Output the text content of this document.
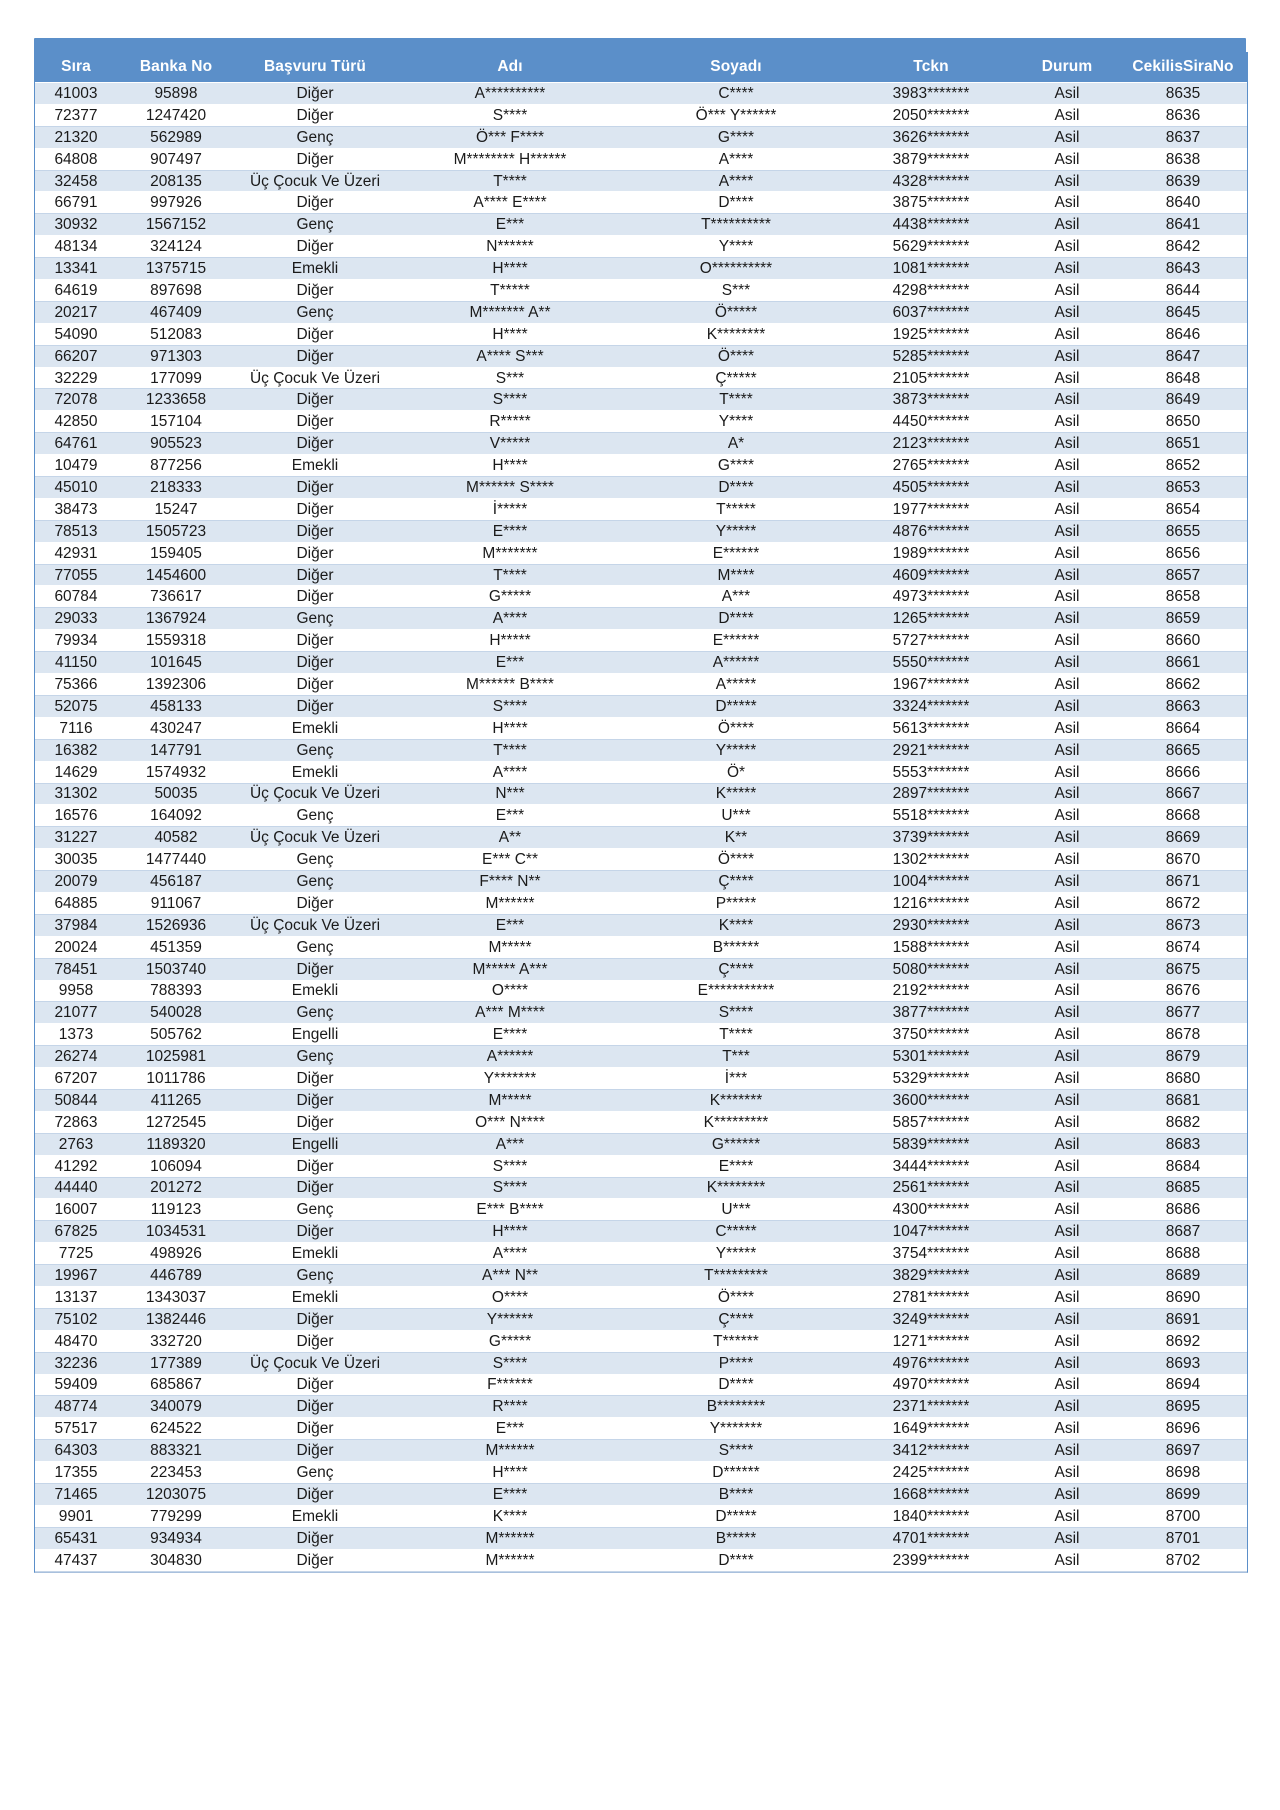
Sıra	Banka No	Başvuru Türü	Adı	Soyadı	Tckn	Durum	CekilisSiraNo
41003	95898	Diğer	A**********	C****	3983*******	Asil	8635
72377	1247420	Diğer	S****	Ö*** Y******	2050*******	Asil	8636
21320	562989	Genç	Ö*** F****	G****	3626*******	Asil	8637
64808	907497	Diğer	M******** H******	A****	3879*******	Asil	8638
32458	208135	Üç Çocuk Ve Üzeri	T****	A****	4328*******	Asil	8639
66791	997926	Diğer	A**** E****	D****	3875*******	Asil	8640
30932	1567152	Genç	E***	T**********	4438*******	Asil	8641
48134	324124	Diğer	N******	Y****	5629*******	Asil	8642
13341	1375715	Emekli	H****	O**********	1081*******	Asil	8643
64619	897698	Diğer	T*****	S***	4298*******	Asil	8644
20217	467409	Genç	M******* A**	Ö*****	6037*******	Asil	8645
54090	512083	Diğer	H****	K********	1925*******	Asil	8646
66207	971303	Diğer	A**** S***	Ö****	5285*******	Asil	8647
32229	177099	Üç Çocuk Ve Üzeri	S***	Ç*****	2105*******	Asil	8648
72078	1233658	Diğer	S****	T****	3873*******	Asil	8649
42850	157104	Diğer	R*****	Y****	4450*******	Asil	8650
64761	905523	Diğer	V*****	A*	2123*******	Asil	8651
10479	877256	Emekli	H****	G****	2765*******	Asil	8652
45010	218333	Diğer	M****** S****	D****	4505*******	Asil	8653
38473	15247	Diğer	İ*****	T*****	1977*******	Asil	8654
78513	1505723	Diğer	E****	Y*****	4876*******	Asil	8655
42931	159405	Diğer	M*******	E******	1989*******	Asil	8656
77055	1454600	Diğer	T****	M****	4609*******	Asil	8657
60784	736617	Diğer	G*****	A***	4973*******	Asil	8658
29033	1367924	Genç	A****	D****	1265*******	Asil	8659
79934	1559318	Diğer	H*****	E******	5727*******	Asil	8660
41150	101645	Diğer	E***	A******	5550*******	Asil	8661
75366	1392306	Diğer	M****** B****	A*****	1967*******	Asil	8662
52075	458133	Diğer	S****	D*****	3324*******	Asil	8663
7116	430247	Emekli	H****	Ö****	5613*******	Asil	8664
16382	147791	Genç	T****	Y*****	2921*******	Asil	8665
14629	1574932	Emekli	A****	Ö*	5553*******	Asil	8666
31302	50035	Üç Çocuk Ve Üzeri	N***	K*****	2897*******	Asil	8667
16576	164092	Genç	E***	U***	5518*******	Asil	8668
31227	40582	Üç Çocuk Ve Üzeri	A**	K**	3739*******	Asil	8669
30035	1477440	Genç	E*** C**	Ö****	1302*******	Asil	8670
20079	456187	Genç	F**** N**	Ç****	1004*******	Asil	8671
64885	911067	Diğer	M******	P*****	1216*******	Asil	8672
37984	1526936	Üç Çocuk Ve Üzeri	E***	K****	2930*******	Asil	8673
20024	451359	Genç	M*****	B******	1588*******	Asil	8674
78451	1503740	Diğer	M***** A***	Ç****	5080*******	Asil	8675
9958	788393	Emekli	O****	E***********	2192*******	Asil	8676
21077	540028	Genç	A*** M****	S****	3877*******	Asil	8677
1373	505762	Engelli	E****	T****	3750*******	Asil	8678
26274	1025981	Genç	A******	T***	5301*******	Asil	8679
67207	1011786	Diğer	Y*******	İ***	5329*******	Asil	8680
50844	411265	Diğer	M*****	K*******	3600*******	Asil	8681
72863	1272545	Diğer	O*** N****	K*********	5857*******	Asil	8682
2763	1189320	Engelli	A***	G******	5839*******	Asil	8683
41292	106094	Diğer	S****	E****	3444*******	Asil	8684
44440	201272	Diğer	S****	K********	2561*******	Asil	8685
16007	119123	Genç	E*** B****	U***	4300*******	Asil	8686
67825	1034531	Diğer	H****	C*****	1047*******	Asil	8687
7725	498926	Emekli	A****	Y*****	3754*******	Asil	8688
19967	446789	Genç	A*** N**	T*********	3829*******	Asil	8689
13137	1343037	Emekli	O****	Ö****	2781*******	Asil	8690
75102	1382446	Diğer	Y******	Ç****	3249*******	Asil	8691
48470	332720	Diğer	G*****	T******	1271*******	Asil	8692
32236	177389	Üç Çocuk Ve Üzeri	S****	P****	4976*******	Asil	8693
59409	685867	Diğer	F******	D****	4970*******	Asil	8694
48774	340079	Diğer	R****	B********	2371*******	Asil	8695
57517	624522	Diğer	E***	Y*******	1649*******	Asil	8696
64303	883321	Diğer	M******	S****	3412*******	Asil	8697
17355	223453	Genç	H****	D******	2425*******	Asil	8698
71465	1203075	Diğer	E****	B****	1668*******	Asil	8699
9901	779299	Emekli	K****	D*****	1840*******	Asil	8700
65431	934934	Diğer	M******	B*****	4701*******	Asil	8701
47437	304830	Diğer	M******	D****	2399*******	Asil	8702
